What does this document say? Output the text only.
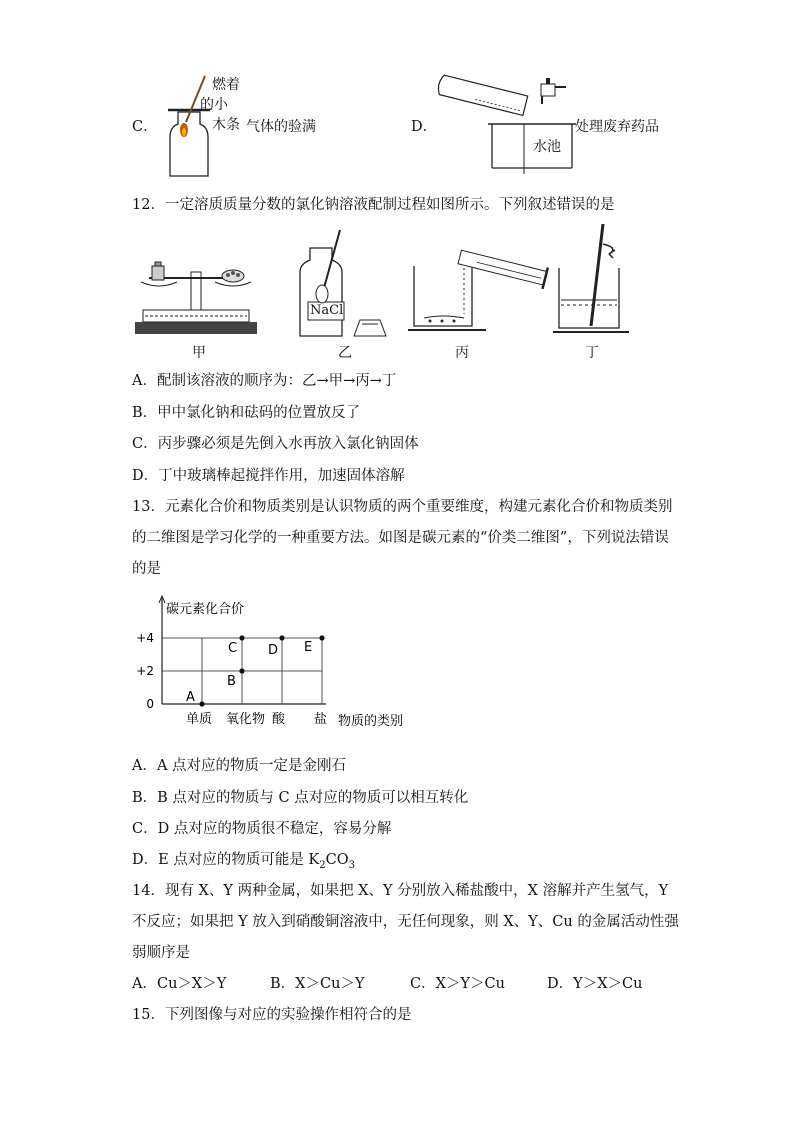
C．
燃着
的小
木条 气体的验满	D．
水池
处理废弃药品
12．一定溶质质量分数的氯化钠溶液配制过程如图所示。下列叙述错误的是
NaCl
甲	乙	丙	丁
A．配制该溶液的顺序为：乙→甲→丙→丁
B．甲中氯化钠和砝码的位置放反了
C．丙步骤必须是先倒入水再放入氯化钠固体
D．丁中玻璃棒起搅拌作用，加速固体溶解
13．元素化合价和物质类别是认识物质的两个重要维度，构建元素化合价和物质类别
的二维图是学习化学的一种重要方法。如图是碳元素的“价类二维图”，下列说法错误
的是
+4
+2
0
碳元素化合价
物质的类别
单质 氧化物 酸 盐
A
B
C D E
A．A 点对应的物质一定是金刚石
B．B 点对应的物质与 C 点对应的物质可以相互转化
C．D 点对应的物质很不稳定，容易分解
D．E 点对应的物质可能是 $K_2CO_3$
14．现有 X、Y 两种金属，如果把 X、Y 分别放入稀盐酸中，X 溶解并产生氢气，Y
不反应；如果把 Y 放入到硝酸铜溶液中，无任何现象，则 X、Y、Cu 的金属活动性强
弱顺序是
A．Cu＞X＞Y	B．X＞Cu＞Y	C．X＞Y＞Cu	D．Y＞X＞Cu
15．下列图像与对应的实验操作相符合的是
